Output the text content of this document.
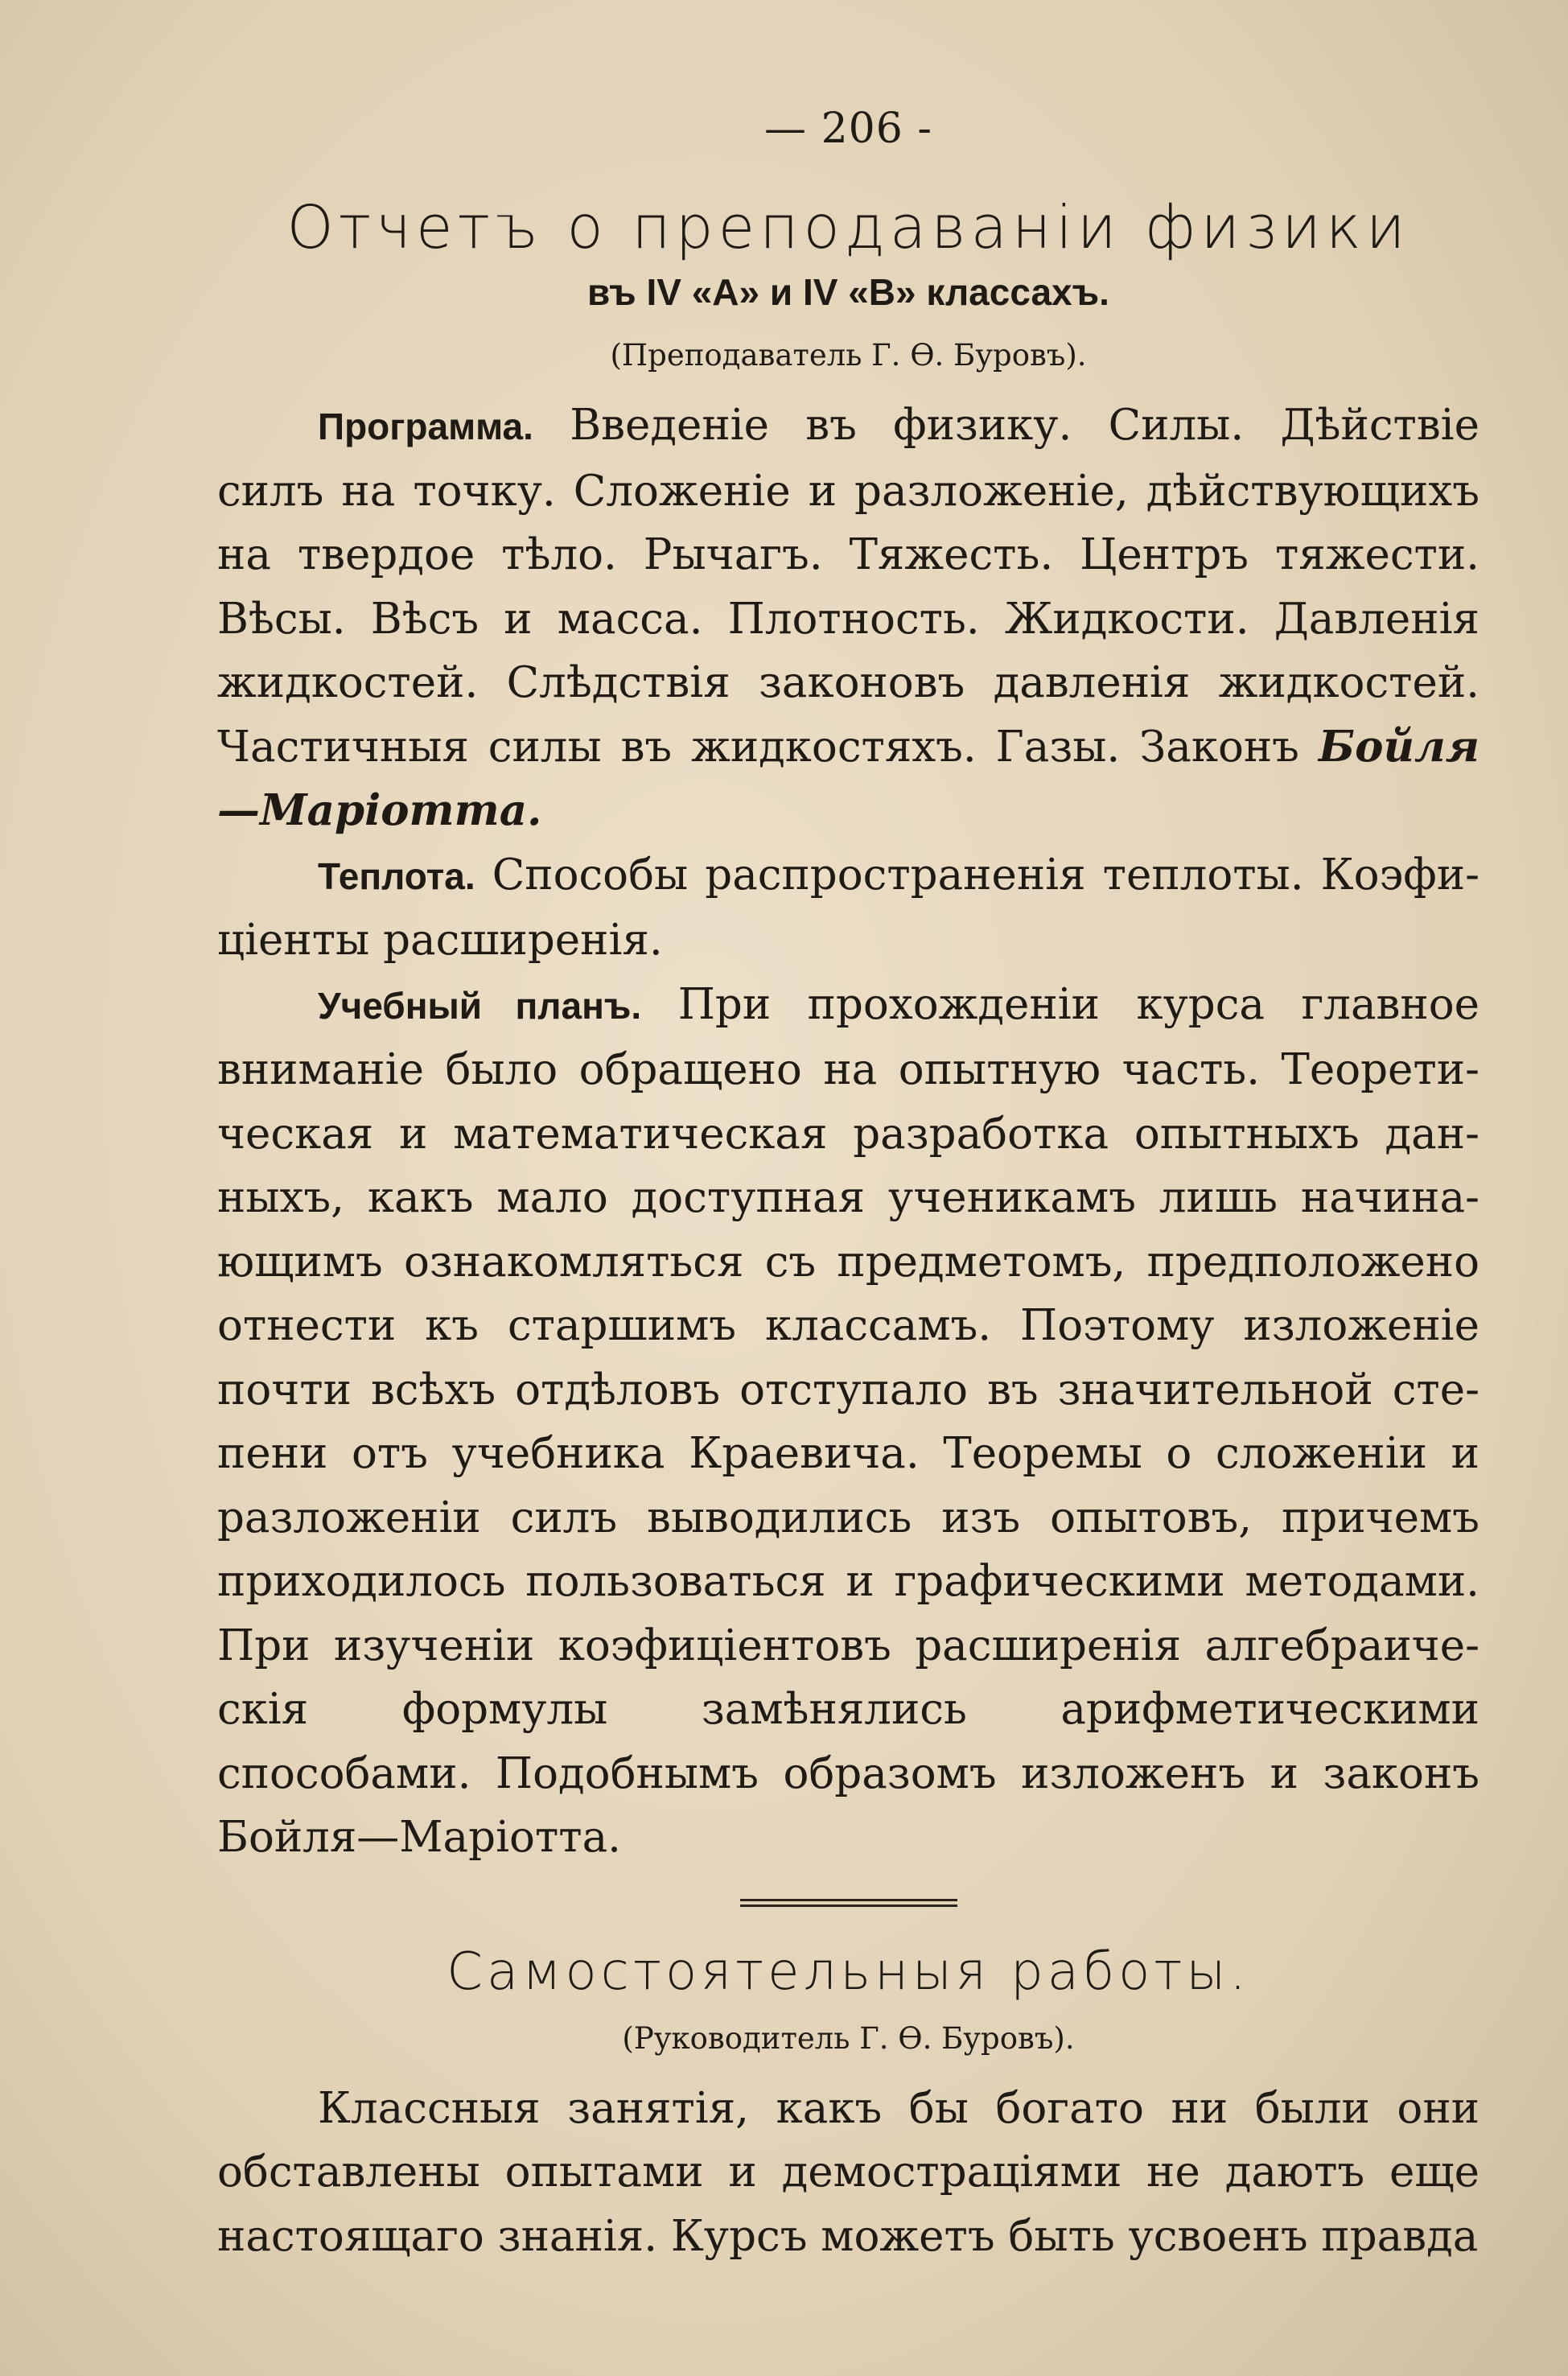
— 206 -
Отчетъ о преподаваніи физики
въ IV «А» и IV «В» классахъ.
(Преподаватель Г. Ѳ. Буровъ).

Программа. Введеніе въ физику. Силы. Дѣйствіе силъ на точку. Сложеніе и разложеніе, дѣйствующихъ на твердое тѣло. Рычагъ. Тяжесть. Центръ тяжести. Вѣсы. Вѣсъ и масса. Плотность. Жидкости. Давленія жидкостей. Слѣдствія законовъ давленія жидкостей. Частичныя силы въ жидкостяхъ. Газы. Законъ Бойля—Маріотта.

Теплота. Способы распространенія теплоты. Коэфиціенты расширенія.

Учебный планъ. При прохожденіи курса главное вниманіе было обращено на опытную часть. Теоретическая и математическая разработка опытныхъ данныхъ, какъ мало доступная ученикамъ лишь начинающимъ ознакомляться съ предметомъ, предположено отнести къ старшимъ классамъ. Поэтому изложеніе почти всѣхъ отдѣловъ отступало въ значительной степени отъ учебника Краевича. Теоремы о сложеніи и разложеніи силъ выводились изъ опытовъ, причемъ приходилось пользоваться и графическими методами. При изученіи коэфиціентовъ расширенія алгебраическія формулы замѣнялись арифметическими способами. Подобнымъ образомъ изложенъ и законъ Бойля—Маріотта.

Самостоятельныя работы.
(Руководитель Г. Ѳ. Буровъ).

Классныя занятія, какъ бы богато ни были они обставлены опытами и демостраціями не даютъ еще настоящаго знанія. Курсъ можетъ быть усвоенъ правда
